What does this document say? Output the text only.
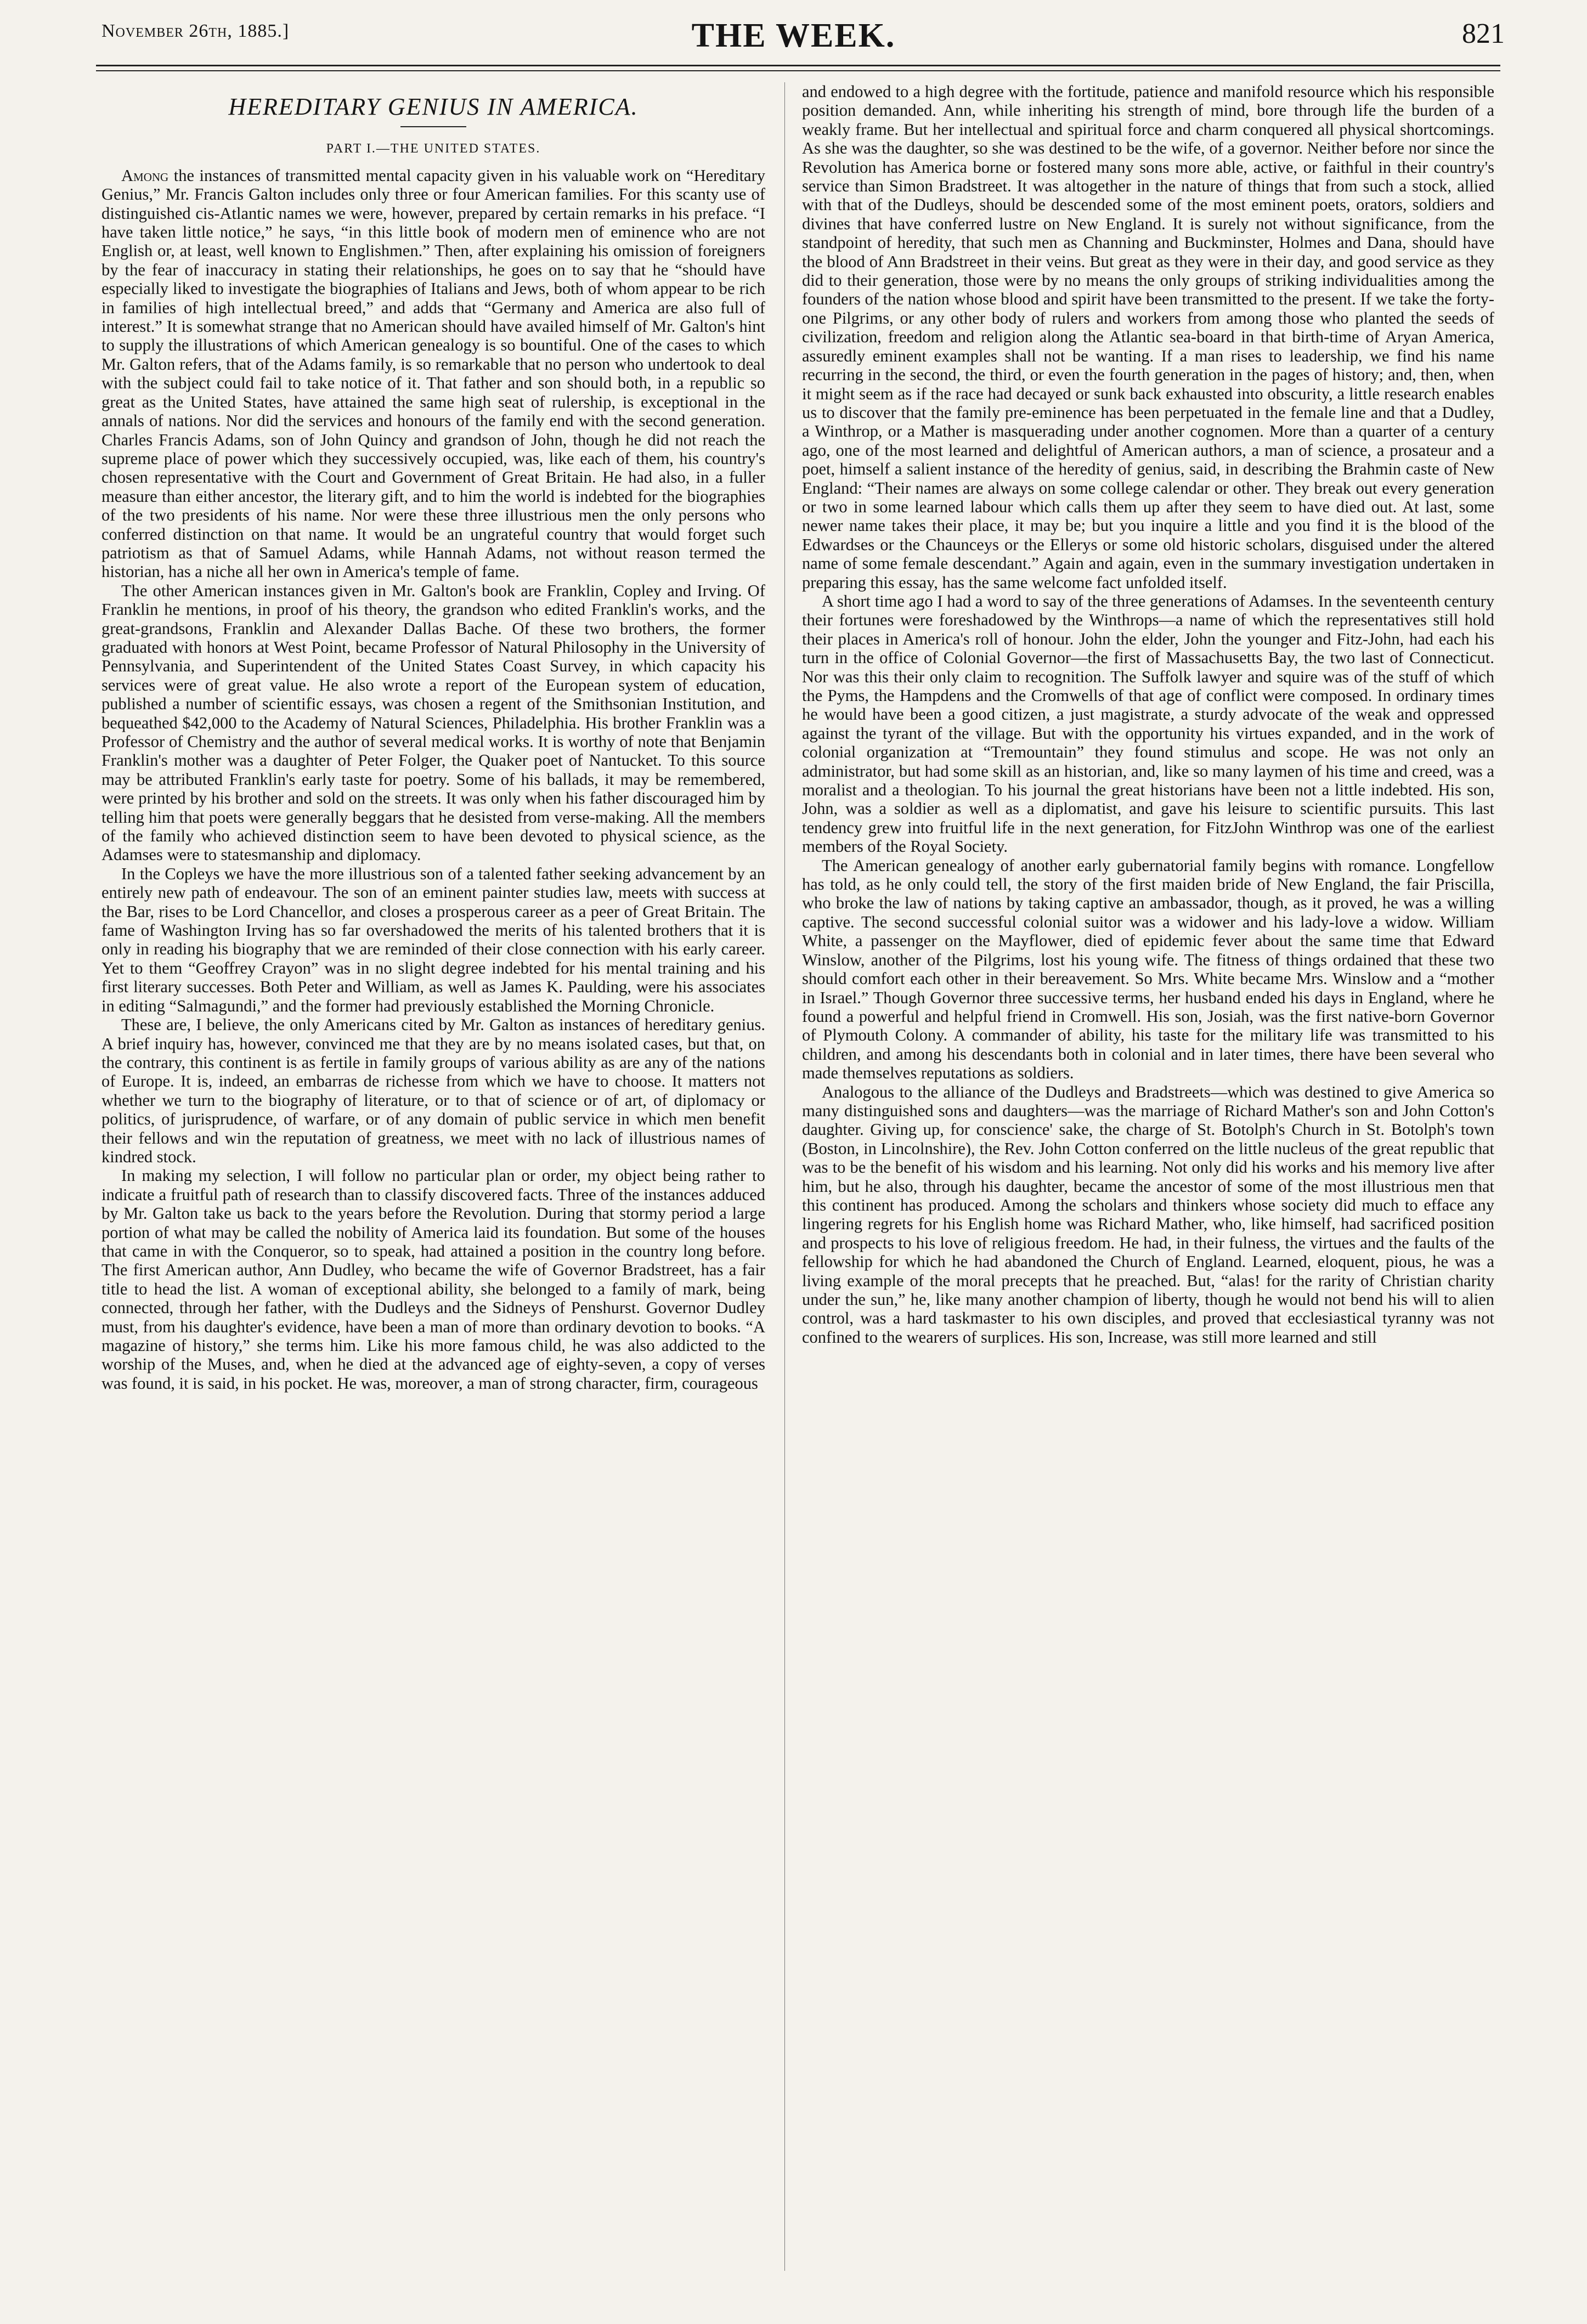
November 26th, 1885.]	THE WEEK.	821
HEREDITARY GENIUS IN AMERICA.
PART I.—THE UNITED STATES.

Among the instances of transmitted mental capacity given in his valuable work on “Hereditary Genius,” Mr. Francis Galton includes only three or four American families. For this scanty use of distinguished cis-Atlantic names we were, however, prepared by certain remarks in his preface. “I have taken little notice,” he says, “in this little book of modern men of eminence who are not English or, at least, well known to Englishmen.” Then, after explaining his omission of foreigners by the fear of inaccuracy in stating their relationships, he goes on to say that he “should have especially liked to investigate the biographies of Italians and Jews, both of whom appear to be rich in families of high intellectual breed,” and adds that “Germany and America are also full of interest.” It is somewhat strange that no American should have availed himself of Mr. Galton's hint to supply the illustrations of which American genealogy is so bountiful. One of the cases to which Mr. Galton refers, that of the Adams family, is so remarkable that no person who undertook to deal with the subject could fail to take notice of it. That father and son should both, in a republic so great as the United States, have attained the same high seat of rulership, is exceptional in the annals of nations. Nor did the services and honours of the family end with the second generation. Charles Francis Adams, son of John Quincy and grandson of John, though he did not reach the supreme place of power which they successively occupied, was, like each of them, his country's chosen representative with the Court and Government of Great Britain. He had also, in a fuller measure than either ancestor, the literary gift, and to him the world is indebted for the biographies of the two presidents of his name. Nor were these three illustrious men the only persons who conferred distinction on that name. It would be an ungrateful country that would forget such patriotism as that of Samuel Adams, while Hannah Adams, not without reason termed the historian, has a niche all her own in America's temple of fame.

The other American instances given in Mr. Galton's book are Franklin, Copley and Irving. Of Franklin he mentions, in proof of his theory, the grandson who edited Franklin's works, and the great-grandsons, Franklin and Alexander Dallas Bache. Of these two brothers, the former graduated with honors at West Point, became Professor of Natural Philosophy in the University of Pennsylvania, and Superintendent of the United States Coast Survey, in which capacity his services were of great value. He also wrote a report of the European system of education, published a number of scientific essays, was chosen a regent of the Smithsonian Institution, and bequeathed $42,000 to the Academy of Natural Sciences, Philadelphia. His brother Franklin was a Professor of Chemistry and the author of several medical works. It is worthy of note that Benjamin Franklin's mother was a daughter of Peter Folger, the Quaker poet of Nantucket. To this source may be attributed Franklin's early taste for poetry. Some of his ballads, it may be remembered, were printed by his brother and sold on the streets. It was only when his father discouraged him by telling him that poets were generally beggars that he desisted from verse-making. All the members of the family who achieved distinction seem to have been devoted to physical science, as the Adamses were to statesmanship and diplomacy.

In the Copleys we have the more illustrious son of a talented father seeking advancement by an entirely new path of endeavour. The son of an eminent painter studies law, meets with success at the Bar, rises to be Lord Chancellor, and closes a prosperous career as a peer of Great Britain. The fame of Washington Irving has so far overshadowed the merits of his talented brothers that it is only in reading his biography that we are reminded of their close connection with his early career. Yet to them “Geoffrey Crayon” was in no slight degree indebted for his mental training and his first literary successes. Both Peter and William, as well as James K. Paulding, were his associates in editing “Salmagundi,” and the former had previously established the Morning Chronicle.

These are, I believe, the only Americans cited by Mr. Galton as instances of hereditary genius. A brief inquiry has, however, convinced me that they are by no means isolated cases, but that, on the contrary, this continent is as fertile in family groups of various ability as are any of the nations of Europe. It is, indeed, an embarras de richesse from which we have to choose. It matters not whether we turn to the biography of literature, or to that of science or of art, of diplomacy or politics, of jurisprudence, of warfare, or of any domain of public service in which men benefit their fellows and win the reputation of greatness, we meet with no lack of illustrious names of kindred stock.

In making my selection, I will follow no particular plan or order, my object being rather to indicate a fruitful path of research than to classify discovered facts. Three of the instances adduced by Mr. Galton take us back to the years before the Revolution. During that stormy period a large portion of what may be called the nobility of America laid its foundation. But some of the houses that came in with the Conqueror, so to speak, had attained a position in the country long before. The first American author, Ann Dudley, who became the wife of Governor Bradstreet, has a fair title to head the list. A woman of exceptional ability, she belonged to a family of mark, being connected, through her father, with the Dudleys and the Sidneys of Penshurst. Governor Dudley must, from his daughter's evidence, have been a man of more than ordinary devotion to books. “A magazine of history,” she terms him. Like his more famous child, he was also addicted to the worship of the Muses, and, when he died at the advanced age of eighty-seven, a copy of verses was found, it is said, in his pocket. He was, moreover, a man of strong character, firm, courageous

and endowed to a high degree with the fortitude, patience and manifold resource which his responsible position demanded. Ann, while inheriting his strength of mind, bore through life the burden of a weakly frame. But her intellectual and spiritual force and charm conquered all physical shortcomings. As she was the daughter, so she was destined to be the wife, of a governor. Neither before nor since the Revolution has America borne or fostered many sons more able, active, or faithful in their country's service than Simon Bradstreet. It was altogether in the nature of things that from such a stock, allied with that of the Dudleys, should be descended some of the most eminent poets, orators, soldiers and divines that have conferred lustre on New England. It is surely not without significance, from the standpoint of heredity, that such men as Channing and Buckminster, Holmes and Dana, should have the blood of Ann Bradstreet in their veins. But great as they were in their day, and good service as they did to their generation, those were by no means the only groups of striking individualities among the founders of the nation whose blood and spirit have been transmitted to the present. If we take the forty-one Pilgrims, or any other body of rulers and workers from among those who planted the seeds of civilization, freedom and religion along the Atlantic sea-board in that birth-time of Aryan America, assuredly eminent examples shall not be wanting. If a man rises to leadership, we find his name recurring in the second, the third, or even the fourth generation in the pages of history; and, then, when it might seem as if the race had decayed or sunk back exhausted into obscurity, a little research enables us to discover that the family pre-eminence has been perpetuated in the female line and that a Dudley, a Winthrop, or a Mather is masquerading under another cognomen. More than a quarter of a century ago, one of the most learned and delightful of American authors, a man of science, a prosateur and a poet, himself a salient instance of the heredity of genius, said, in describing the Brahmin caste of New England: “Their names are always on some college calendar or other. They break out every generation or two in some learned labour which calls them up after they seem to have died out. At last, some newer name takes their place, it may be; but you inquire a little and you find it is the blood of the Edwardses or the Chaunceys or the Ellerys or some old historic scholars, disguised under the altered name of some female descendant.” Again and again, even in the summary investigation undertaken in preparing this essay, has the same welcome fact unfolded itself.

A short time ago I had a word to say of the three generations of Adamses. In the seventeenth century their fortunes were foreshadowed by the Winthrops—a name of which the representatives still hold their places in America's roll of honour. John the elder, John the younger and Fitz-John, had each his turn in the office of Colonial Governor—the first of Massachusetts Bay, the two last of Connecticut. Nor was this their only claim to recognition. The Suffolk lawyer and squire was of the stuff of which the Pyms, the Hampdens and the Cromwells of that age of conflict were composed. In ordinary times he would have been a good citizen, a just magistrate, a sturdy advocate of the weak and oppressed against the tyrant of the village. But with the opportunity his virtues expanded, and in the work of colonial organization at “Tremountain” they found stimulus and scope. He was not only an administrator, but had some skill as an historian, and, like so many laymen of his time and creed, was a moralist and a theologian. To his journal the great historians have been not a little indebted. His son, John, was a soldier as well as a diplomatist, and gave his leisure to scientific pursuits. This last tendency grew into fruitful life in the next generation, for FitzJohn Winthrop was one of the earliest members of the Royal Society.

The American genealogy of another early gubernatorial family begins with romance. Longfellow has told, as he only could tell, the story of the first maiden bride of New England, the fair Priscilla, who broke the law of nations by taking captive an ambassador, though, as it proved, he was a willing captive. The second successful colonial suitor was a widower and his lady-love a widow. William White, a passenger on the Mayflower, died of epidemic fever about the same time that Edward Winslow, another of the Pilgrims, lost his young wife. The fitness of things ordained that these two should comfort each other in their bereavement. So Mrs. White became Mrs. Winslow and a “mother in Israel.” Though Governor three successive terms, her husband ended his days in England, where he found a powerful and helpful friend in Cromwell. His son, Josiah, was the first native-born Governor of Plymouth Colony. A commander of ability, his taste for the military life was transmitted to his children, and among his descendants both in colonial and in later times, there have been several who made themselves reputations as soldiers.

Analogous to the alliance of the Dudleys and Bradstreets—which was destined to give America so many distinguished sons and daughters—was the marriage of Richard Mather's son and John Cotton's daughter. Giving up, for conscience' sake, the charge of St. Botolph's Church in St. Botolph's town (Boston, in Lincolnshire), the Rev. John Cotton conferred on the little nucleus of the great republic that was to be the benefit of his wisdom and his learning. Not only did his works and his memory live after him, but he also, through his daughter, became the ancestor of some of the most illustrious men that this continent has produced. Among the scholars and thinkers whose society did much to efface any lingering regrets for his English home was Richard Mather, who, like himself, had sacrificed position and prospects to his love of religious freedom. He had, in their fulness, the virtues and the faults of the fellowship for which he had abandoned the Church of England. Learned, eloquent, pious, he was a living example of the moral precepts that he preached. But, “alas! for the rarity of Christian charity under the sun,” he, like many another champion of liberty, though he would not bend his will to alien control, was a hard taskmaster to his own disciples, and proved that ecclesiastical tyranny was not confined to the wearers of surplices. His son, Increase, was still more learned and still
